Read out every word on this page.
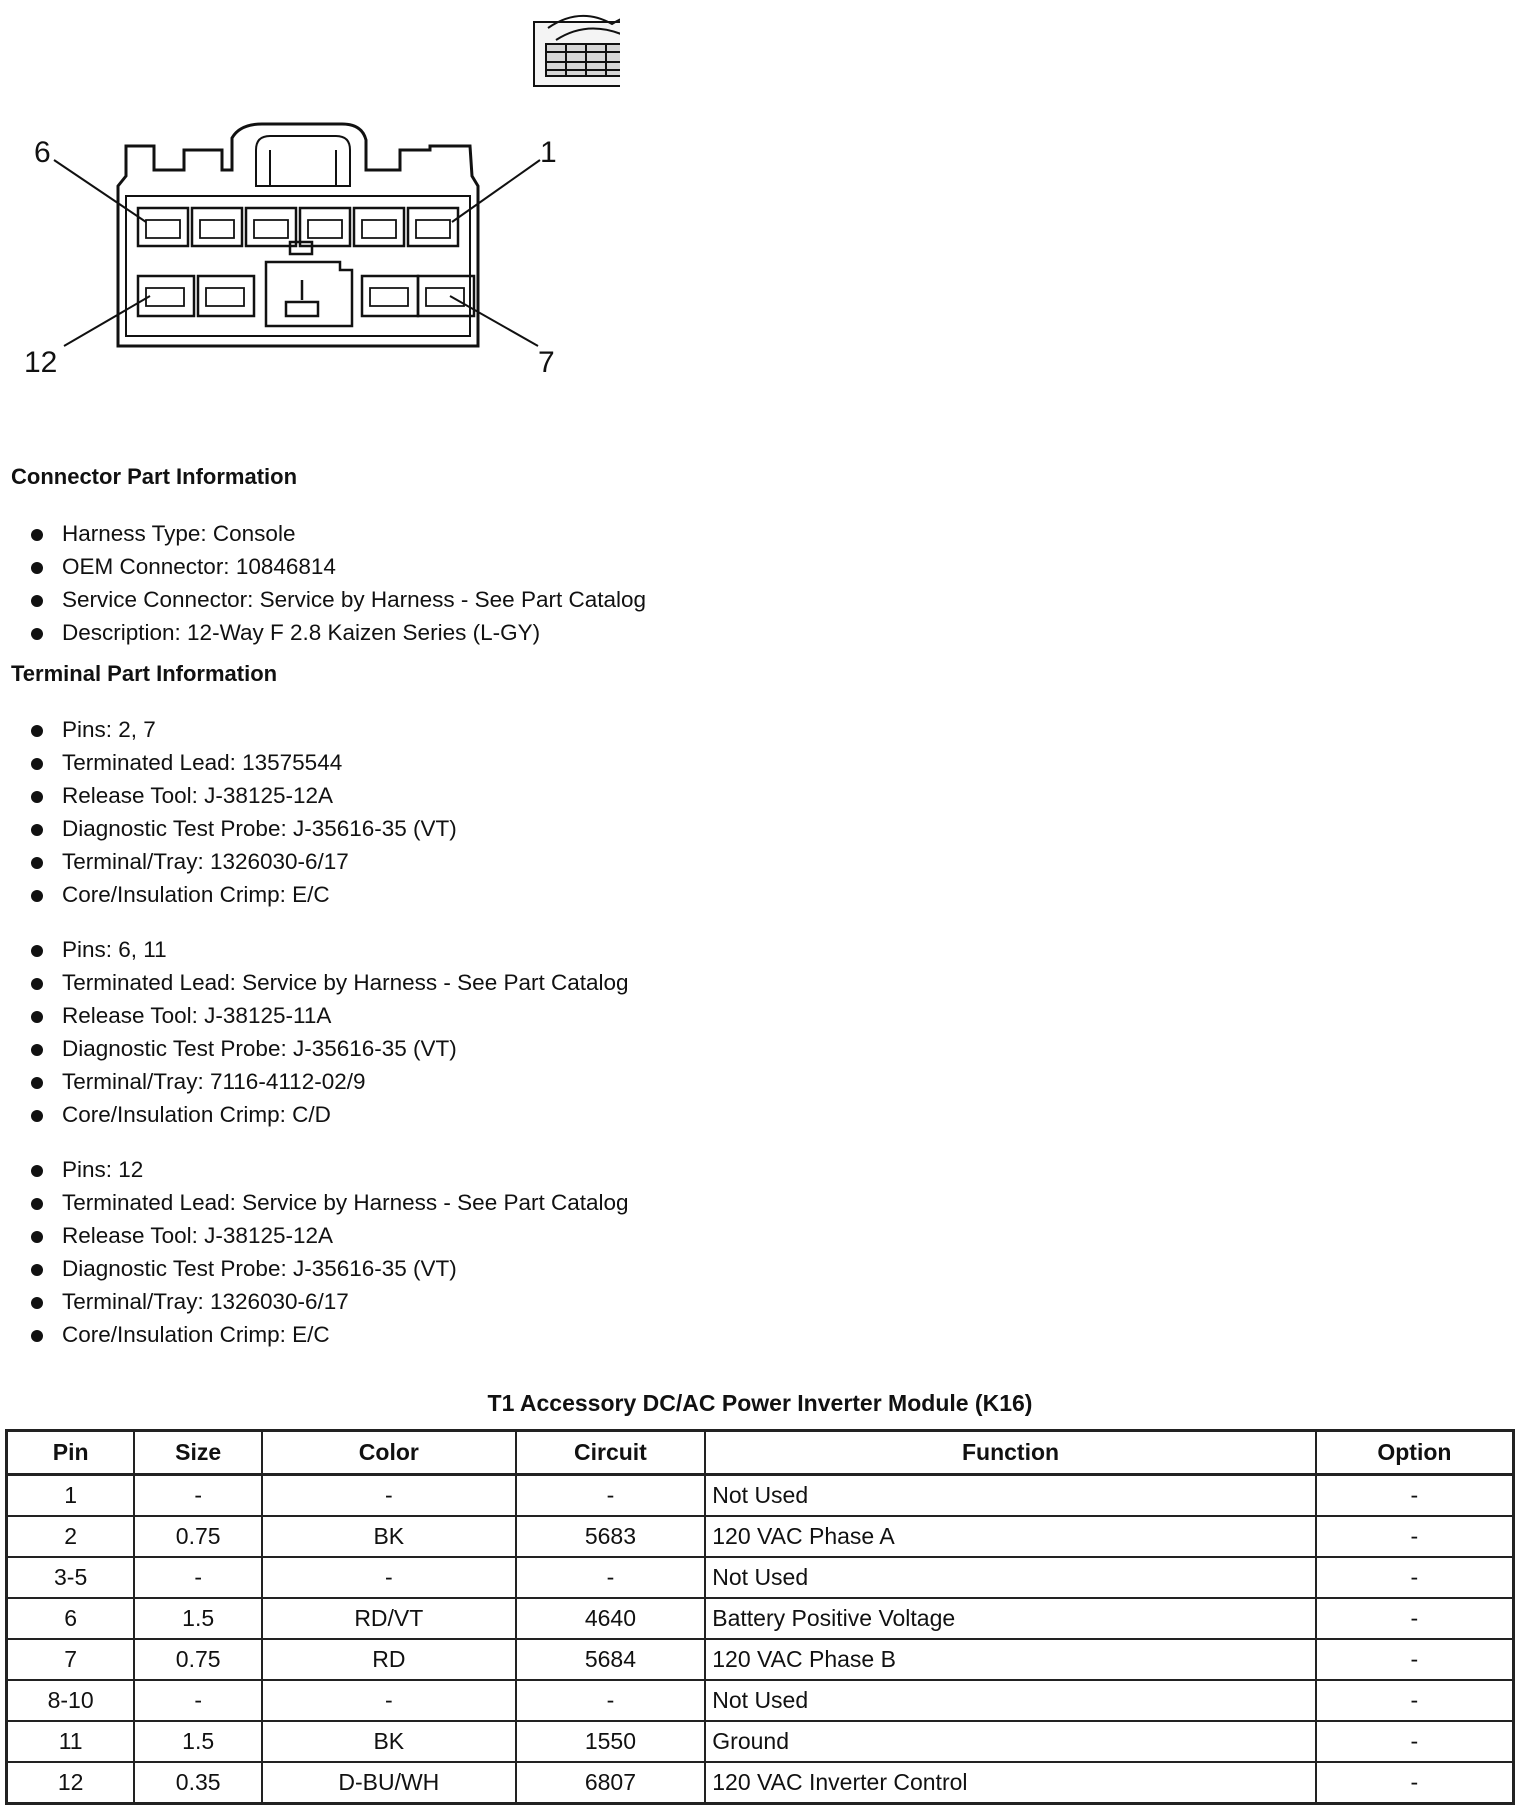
6	1
12	7
Connector Part Information
Harness Type: Console
OEM Connector: 10846814
Service Connector: Service by Harness - See Part Catalog
Description: 12-Way F 2.8 Kaizen Series (L-GY)
Terminal Part Information
Pins: 2, 7
Terminated Lead: 13575544
Release Tool: J-38125-12A
Diagnostic Test Probe: J-35616-35 (VT)
Terminal/Tray: 1326030-6/17
Core/Insulation Crimp: E/C
Pins: 6, 11
Terminated Lead: Service by Harness - See Part Catalog
Release Tool: J-38125-11A
Diagnostic Test Probe: J-35616-35 (VT)
Terminal/Tray: 7116-4112-02/9
Core/Insulation Crimp: C/D
Pins: 12
Terminated Lead: Service by Harness - See Part Catalog
Release Tool: J-38125-12A
Diagnostic Test Probe: J-35616-35 (VT)
Terminal/Tray: 1326030-6/17
Core/Insulation Crimp: E/C
T1 Accessory DC/AC Power Inverter Module (K16)
Pin	Size	Color	Circuit	Function	Option
1	-	-	-	Not Used	-
2	0.75	BK	5683	120 VAC Phase A	-
3-5	-	-	-	Not Used	-
6	1.5	RD/VT	4640	Battery Positive Voltage	-
7	0.75	RD	5684	120 VAC Phase B	-
8-10	-	-	-	Not Used	-
11	1.5	BK	1550	Ground	-
12	0.35	D-BU/WH	6807	120 VAC Inverter Control	-
